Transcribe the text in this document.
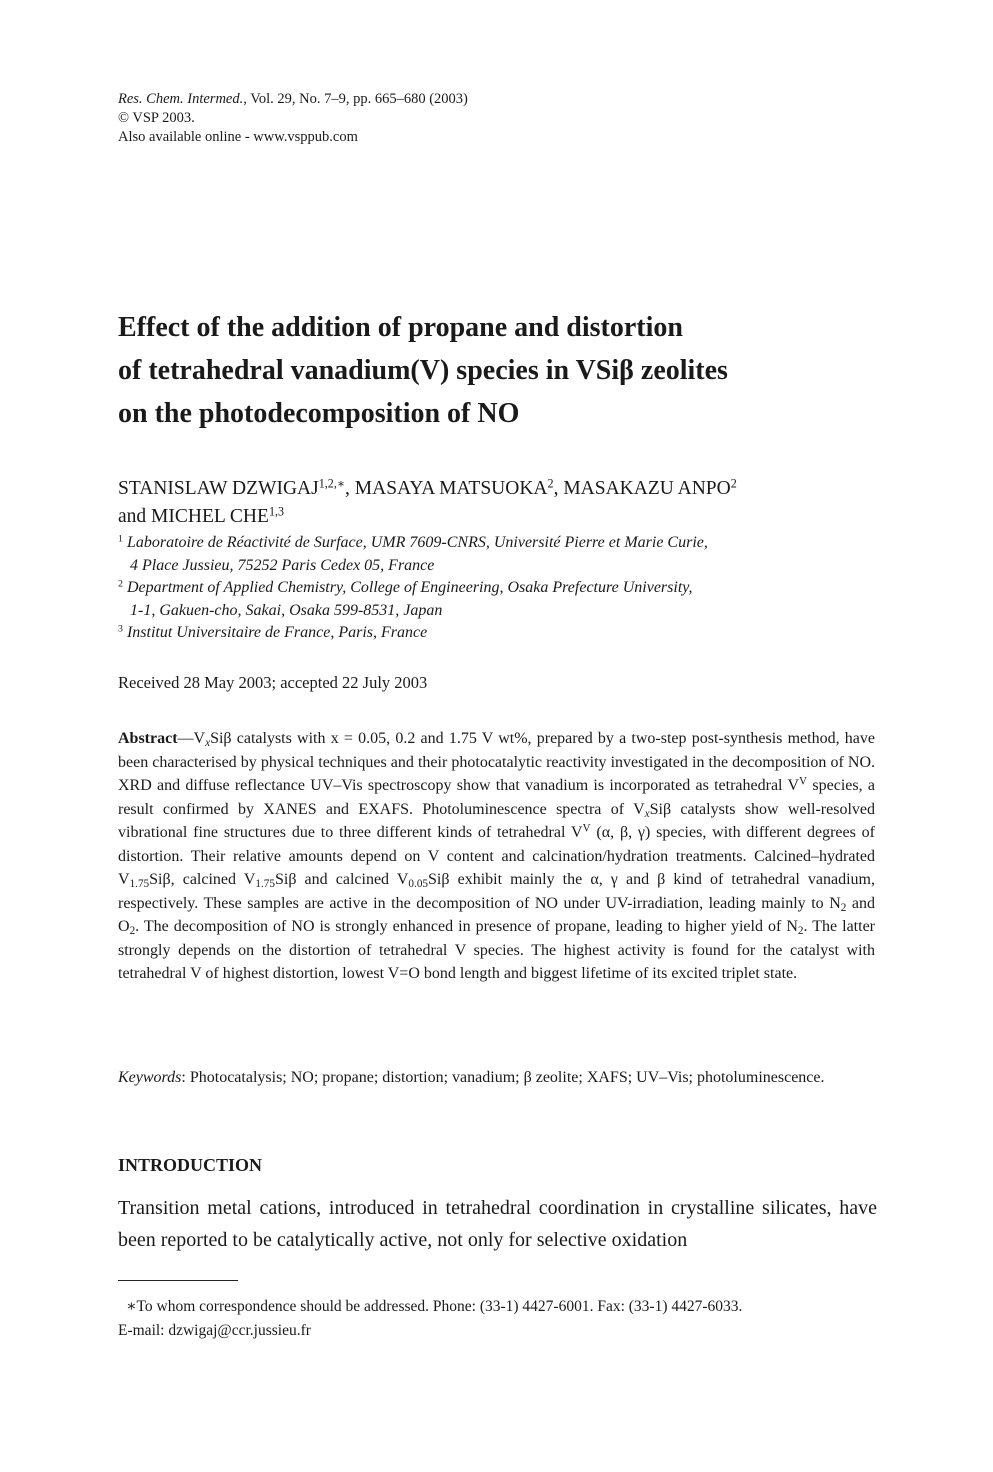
Res. Chem. Intermed., Vol. 29, No. 7–9, pp. 665–680 (2003)
© VSP 2003.
Also available online - www.vsppub.com
Effect of the addition of propane and distortion
of tetrahedral vanadium(V) species in VSiβ zeolites
on the photodecomposition of NO
STANISLAW $DZWIGAJ^{1,2,∗}$, MASAYA MATSUOKA$^2$, MASAKAZU ANPO$^2$
and MICHEL CHE$^{1,3}$
$^1$ Laboratoire de Réactivité de Surface, UMR 7609-CNRS, Université Pierre et Marie Curie,
4 Place Jussieu, 75252 Paris Cedex 05, France
$^2$ Department of Applied Chemistry, College of Engineering, Osaka Prefecture University,
1-1, Gakuen-cho, Sakai, Osaka 599-8531, Japan
$^3$ Institut Universitaire de France, Paris, France
Received 28 May 2003; accepted 22 July 2003
$Abstract—V_xSi\beta$ catalysts with x = 0.05, 0.2 and 1.75 V wt%, prepared by a two-step post-synthesis method, have been characterised by physical techniques and their photocatalytic reactivity investigated in the decomposition of NO. XRD and diffuse reflectance UV–Vis spectroscopy show that vanadium is incorporated as tetrahedral $V^V$ species, a result confirmed by XANES and EXAFS. Photoluminescence spectra of $V_xSi\beta$ catalysts show well-resolved vibrational fine structures due to three different kinds of tetrahedral $V^V$ (α, β, γ) species, with different degrees of distortion. Their relative amounts depend on V content and calcination/hydration treatments. Calcined–hydrated $V_{1.75}Si\beta$, calcined $V_{1.75}Si\beta$ and calcined $V_{0.05}Si\beta$ exhibit mainly the α, γ and β kind of tetrahedral vanadium, respectively. These samples are active in the decomposition of NO under UV-irradiation, leading mainly to $N_2$ and $O_2$. The decomposition of NO is strongly enhanced in presence of propane, leading to higher yield of $N_2$. The latter strongly depends on the distortion of tetrahedral V species. The highest activity is found for the catalyst with tetrahedral V of highest distortion, lowest V=O bond length and biggest lifetime of its excited triplet state.
Keywords: Photocatalysis; NO; propane; distortion; vanadium; β zeolite; XAFS; UV–Vis; photoluminescence.
INTRODUCTION
Transition metal cations, introduced in tetrahedral coordination in crystalline silicates, have been reported to be catalytically active, not only for selective oxidation
∗To whom correspondence should be addressed. Phone: (33-1) 4427-6001. Fax: (33-1) 4427-6033.
E-mail: dzwigaj@ccr.jussieu.fr
